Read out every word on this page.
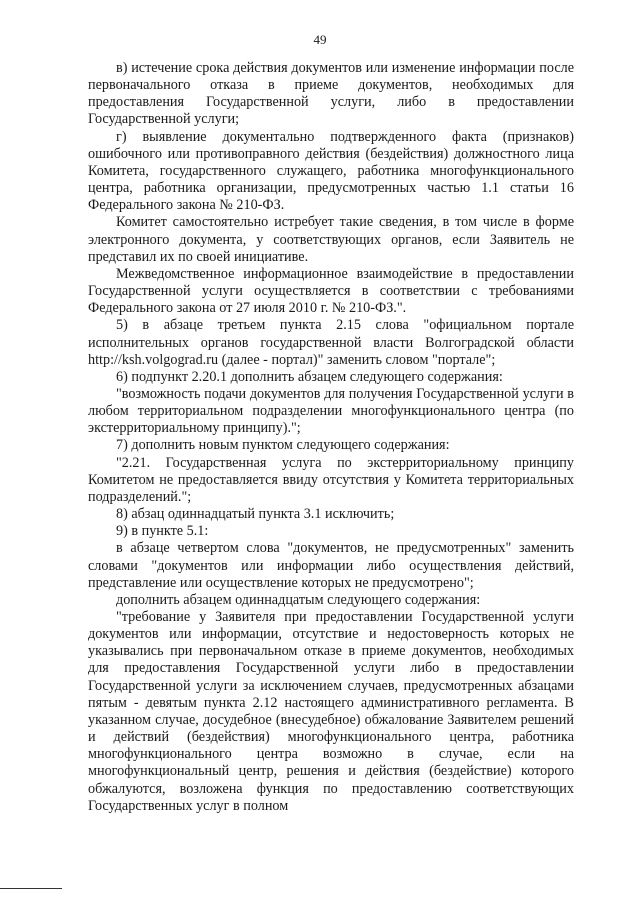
49

в) истечение срока действия документов или изменение информации после первоначального отказа в приеме документов, необходимых для предоставления Государственной услуги, либо в предоставлении Государственной услуги;

г) выявление документально подтвержденного факта (признаков) ошибочного или противоправного действия (бездействия) должностного лица Комитета, государственного служащего, работника многофункционального центра, работника организации, предусмотренных частью 1.1 статьи 16 Федерального закона № 210-ФЗ.

Комитет самостоятельно истребует такие сведения, в том числе в форме электронного документа, у соответствующих органов, если Заявитель не представил их по своей инициативе.

Межведомственное информационное взаимодействие в предоставлении Государственной услуги осуществляется в соответствии с требованиями Федерального закона от 27 июля 2010 г. № 210-ФЗ.".

5) в абзаце третьем пункта 2.15 слова "официальном портале исполнительных органов государственной власти Волгоградской области http://ksh.volgograd.ru (далее - портал)" заменить словом "портале";

6) подпункт 2.20.1 дополнить абзацем следующего содержания:

"возможность подачи документов для получения Государственной услуги в любом территориальном подразделении многофункционального центра (по экстерриториальному принципу).";

7) дополнить новым пунктом следующего содержания:

"2.21. Государственная услуга по экстерриториальному принципу Комитетом не предоставляется ввиду отсутствия у Комитета территориальных подразделений.";

8) абзац одиннадцатый пункта 3.1 исключить;

9) в пункте 5.1:

в абзаце четвертом слова "документов, не предусмотренных" заменить словами "документов или информации либо осуществления действий, представление или осуществление которых не предусмотрено";

дополнить абзацем одиннадцатым следующего содержания:

"требование у Заявителя при предоставлении Государственной услуги документов или информации, отсутствие и недостоверность которых не указывались при первоначальном отказе в приеме документов, необходимых для предоставления Государственной услуги либо в предоставлении Государственной услуги за исключением случаев, предусмотренных абзацами пятым - девятым пункта 2.12 настоящего административного регламента. В указанном случае, досудебное (внесудебное) обжалование Заявителем решений и действий (бездействия) многофункционального центра, работника многофункционального центра возможно в случае, если на многофункциональный центр, решения и действия (бездействие) которого обжалуются, возложена функция по предоставлению соответствующих Государственных услуг в полном
